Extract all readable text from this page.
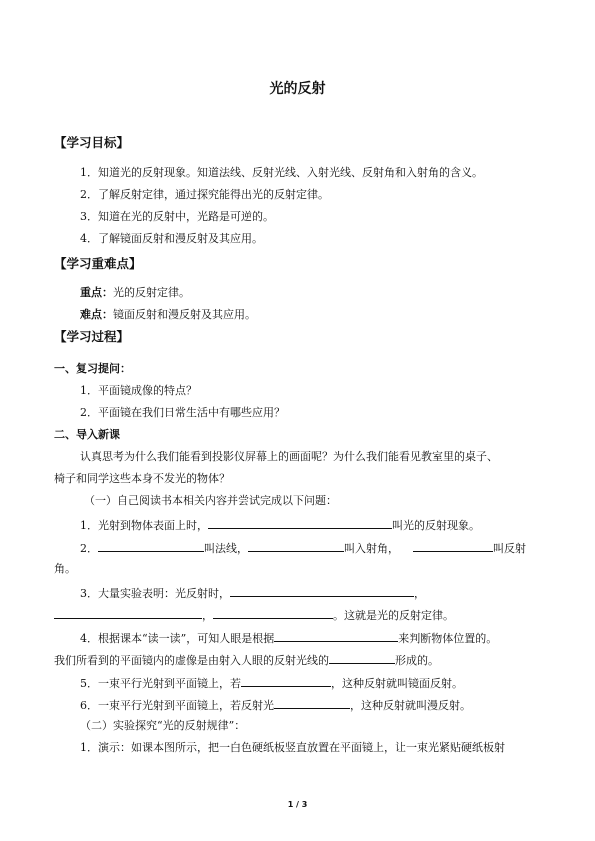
光的反射
【学习目标】
1．知道光的反射现象。知道法线、反射光线、入射光线、反射角和入射角的含义。
2．了解反射定律，通过探究能得出光的反射定律。
3．知道在光的反射中，光路是可逆的。
4．了解镜面反射和漫反射及其应用。
【学习重难点】
重点：光的反射定律。
难点：镜面反射和漫反射及其应用。
【学习过程】
一、复习提问：
1．平面镜成像的特点？
2．平面镜在我们日常生活中有哪些应用？
二、导入新课
认真思考为什么我们能看到投影仪屏幕上的画面呢？为什么我们能看见教室里的桌子、
椅子和同学这些本身不发光的物体？
（一）自己阅读书本相关内容并尝试完成以下问题：
1．光射到物体表面上时，	叫光的反射现象。
2．	叫法线，	叫入射角，	叫反射
角。
3．大量实验表明：光反射时，	，
，	。这就是光的反射定律。
4．根据课本“读一读”，可知人眼是根据	来判断物体位置的。
我们所看到的平面镜内的虚像是由射入人眼的反射光线的	形成的。
5．一束平行光射到平面镜上，若	，这种反射就叫镜面反射。
6．一束平行光射到平面镜上，若反射光	，这种反射就叫漫反射。
（二）实验探究“光的反射规律”：
1．演示：如课本图所示，把一白色硬纸板竖直放置在平面镜上，让一束光紧贴硬纸板射
1 / 3
